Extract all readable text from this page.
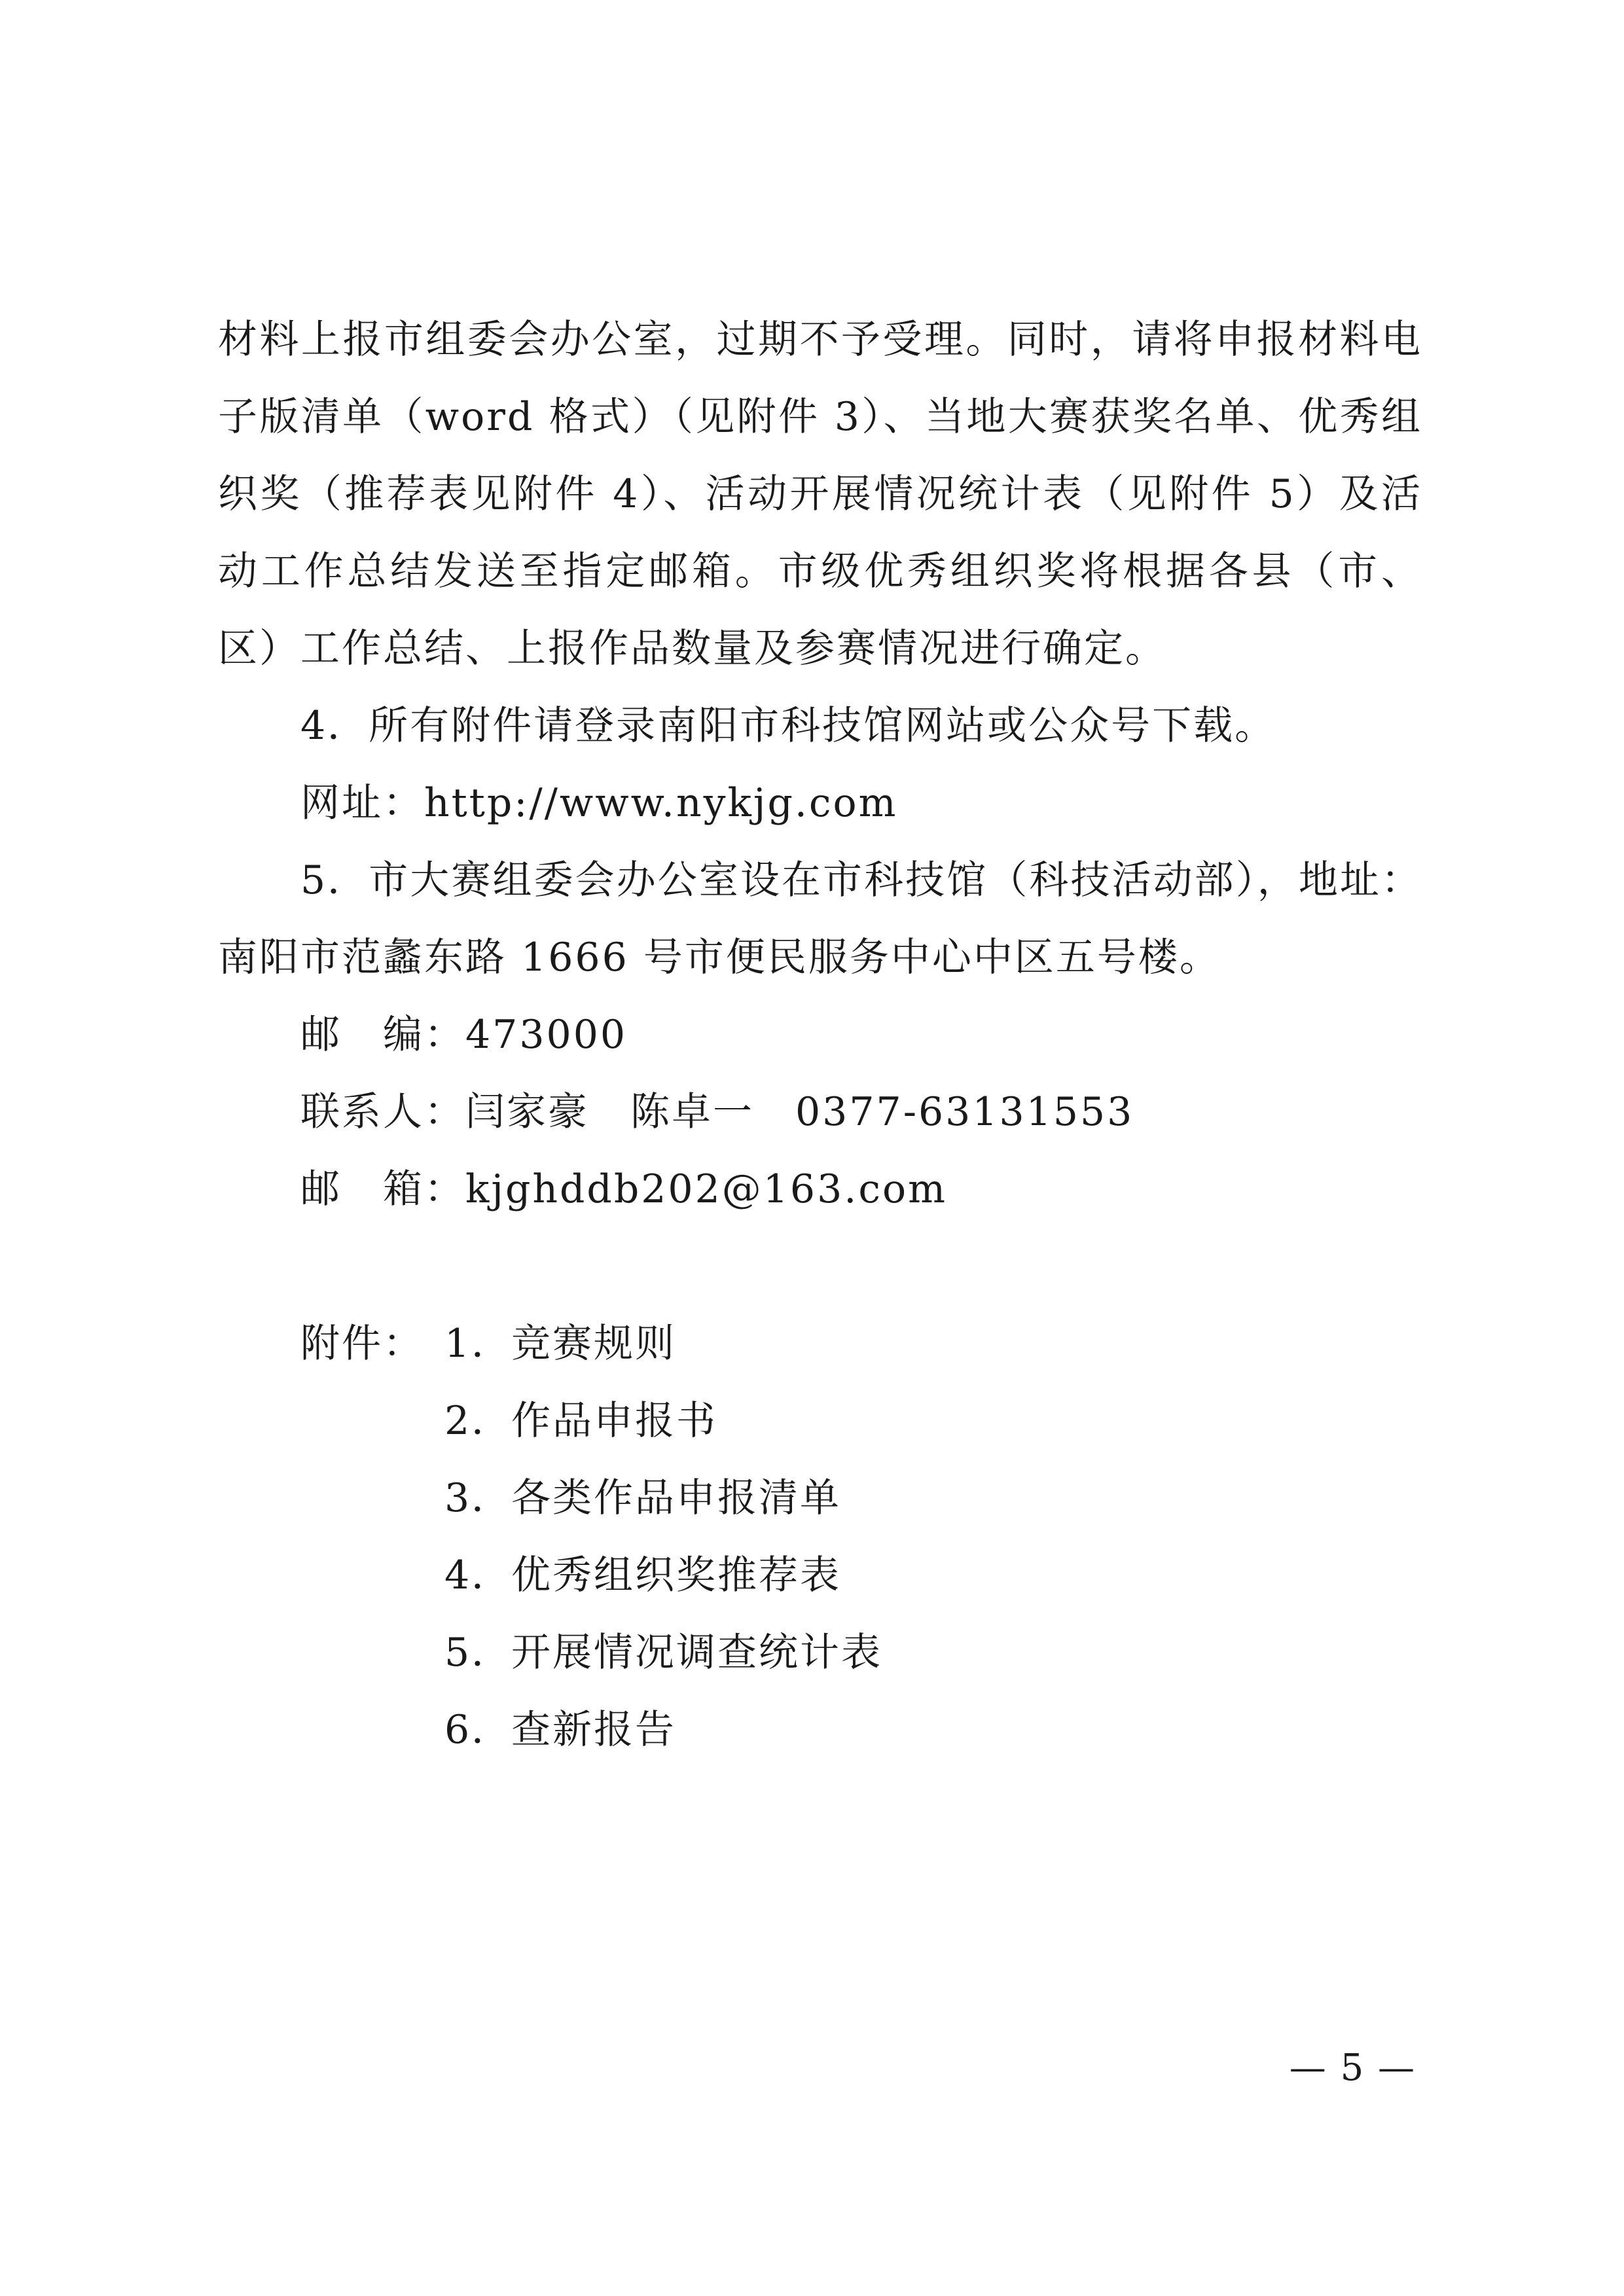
材料上报市组委会办公室，过期不予受理。同时，请将申报材料电子版清单（word 格式）（见附件 3）、当地大赛获奖名单、优秀组织奖（推荐表见附件 4）、活动开展情况统计表（见附件 5）及活动工作总结发送至指定邮箱。市级优秀组织奖将根据各县（市、区）工作总结、上报作品数量及参赛情况进行确定。

4．所有附件请登录南阳市科技馆网站或公众号下载。

网址：http://www.nykjg.com

5．市大赛组委会办公室设在市科技馆（科技活动部），地址：南阳市范蠡东路 1666 号市便民服务中心中区五号楼。

邮　编：473000
联系人：闫家豪　陈卓一　0377-63131553
邮　箱：kjghddb202@163.com
附件： 1．
竞赛规则
2．
作品申报书
3．
各类作品申报清单
4．
优秀组织奖推荐表
5．
开展情况调查统计表
6．
查新报告
— 5 —
